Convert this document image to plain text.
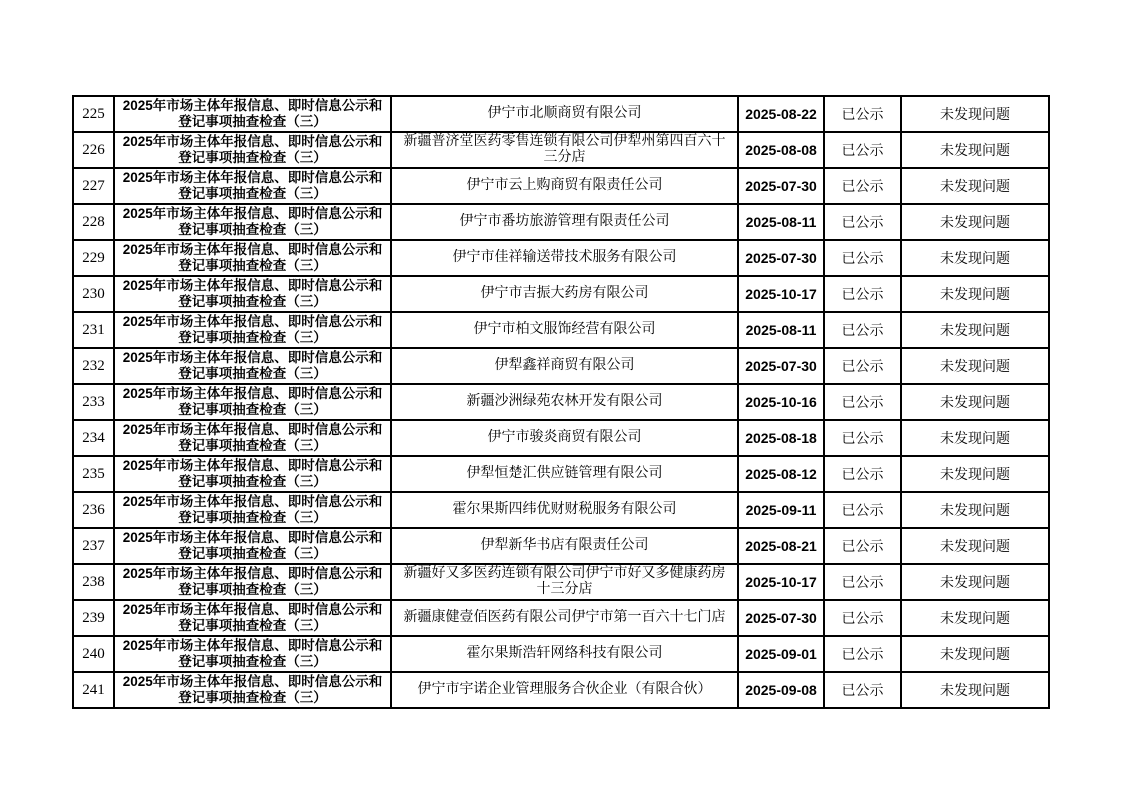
225	2025年市场主体年报信息、即时信息公示和登记事项抽查检查（三）	伊宁市北顺商贸有限公司	2025-08-22	已公示	未发现问题
226	2025年市场主体年报信息、即时信息公示和登记事项抽查检查（三）	新疆普济堂医药零售连锁有限公司伊犁州第四百六十三分店	2025-08-08	已公示	未发现问题
227	2025年市场主体年报信息、即时信息公示和登记事项抽查检查（三）	伊宁市云上购商贸有限责任公司	2025-07-30	已公示	未发现问题
228	2025年市场主体年报信息、即时信息公示和登记事项抽查检查（三）	伊宁市番坊旅游管理有限责任公司	2025-08-11	已公示	未发现问题
229	2025年市场主体年报信息、即时信息公示和登记事项抽查检查（三）	伊宁市佳祥输送带技术服务有限公司	2025-07-30	已公示	未发现问题
230	2025年市场主体年报信息、即时信息公示和登记事项抽查检查（三）	伊宁市吉振大药房有限公司	2025-10-17	已公示	未发现问题
231	2025年市场主体年报信息、即时信息公示和登记事项抽查检查（三）	伊宁市柏文服饰经营有限公司	2025-08-11	已公示	未发现问题
232	2025年市场主体年报信息、即时信息公示和登记事项抽查检查（三）	伊犁鑫祥商贸有限公司	2025-07-30	已公示	未发现问题
233	2025年市场主体年报信息、即时信息公示和登记事项抽查检查（三）	新疆沙洲绿苑农林开发有限公司	2025-10-16	已公示	未发现问题
234	2025年市场主体年报信息、即时信息公示和登记事项抽查检查（三）	伊宁市骏炎商贸有限公司	2025-08-18	已公示	未发现问题
235	2025年市场主体年报信息、即时信息公示和登记事项抽查检查（三）	伊犁恒楚汇供应链管理有限公司	2025-08-12	已公示	未发现问题
236	2025年市场主体年报信息、即时信息公示和登记事项抽查检查（三）	霍尔果斯四纬优财财税服务有限公司	2025-09-11	已公示	未发现问题
237	2025年市场主体年报信息、即时信息公示和登记事项抽查检查（三）	伊犁新华书店有限责任公司	2025-08-21	已公示	未发现问题
238	2025年市场主体年报信息、即时信息公示和登记事项抽查检查（三）	新疆好又多医药连锁有限公司伊宁市好又多健康药房十三分店	2025-10-17	已公示	未发现问题
239	2025年市场主体年报信息、即时信息公示和登记事项抽查检查（三）	新疆康健壹佰医药有限公司伊宁市第一百六十七门店	2025-07-30	已公示	未发现问题
240	2025年市场主体年报信息、即时信息公示和登记事项抽查检查（三）	霍尔果斯浩轩网络科技有限公司	2025-09-01	已公示	未发现问题
241	2025年市场主体年报信息、即时信息公示和登记事项抽查检查（三）	伊宁市宇诺企业管理服务合伙企业（有限合伙）	2025-09-08	已公示	未发现问题
